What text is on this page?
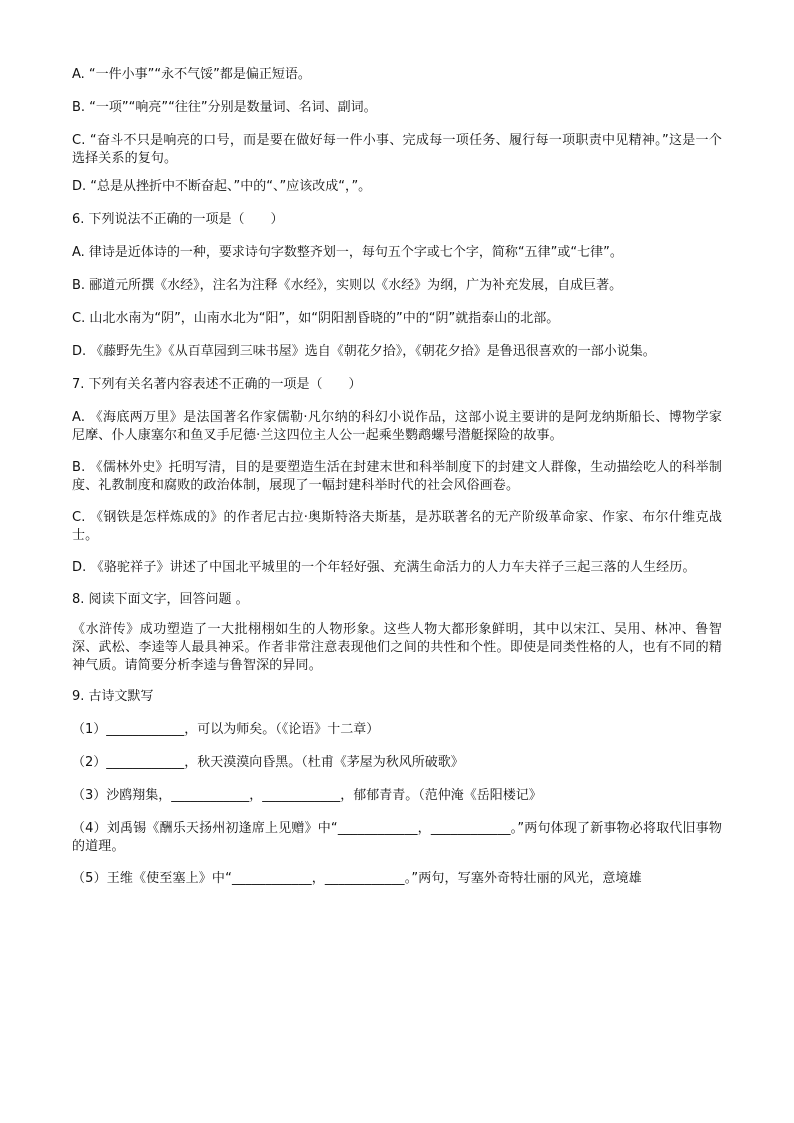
A. “一件小事”“永不气馁”都是偏正短语。

B. “一项”“响亮”“往往”分别是数量词、名词、副词。

C. “奋斗不只是响亮的口号，而是要在做好每一件小事、完成每一项任务、履行每一项职责中见精神。”这是一个选择关系的复句。

D. “总是从挫折中不断奋起、”中的“、”应该改成“，”。

6. 下列说法不正确的一项是（　　）

A. 律诗是近体诗的一种，要求诗句字数整齐划一，每句五个字或七个字，简称“五律”或“七律”。

B. 郦道元所撰《水经》，注名为注释《水经》，实则以《水经》为纲，广为补充发展，自成巨著。

C. 山北水南为“阴”，山南水北为“阳”，如“阴阳割昏晓的”中的“阴”就指泰山的北部。

D. 《藤野先生》《从百草园到三味书屋》选自《朝花夕拾》，《朝花夕拾》是鲁迅很喜欢的一部小说集。

7. 下列有关名著内容表述不正确的一项是（　　）

A. 《海底两万里》是法国著名作家儒勒·凡尔纳的科幻小说作品，这部小说主要讲的是阿龙纳斯船长、博物学家尼摩、仆人康塞尔和鱼叉手尼德·兰这四位主人公一起乘坐鹦鹉螺号潜艇探险的故事。

B. 《儒林外史》托明写清，目的是要塑造生活在封建末世和科举制度下的封建文人群像，生动描绘吃人的科举制度、礼教制度和腐败的政治体制，展现了一幅封建科举时代的社会风俗画卷。

C. 《钢铁是怎样炼成的》的作者尼古拉·奥斯特洛夫斯基，是苏联著名的无产阶级革命家、作家、布尔什维克战士。

D. 《骆驼祥子》讲述了中国北平城里的一个年轻好强、充满生命活力的人力车夫祥子三起三落的人生经历。

8. 阅读下面文字，回答问题 。

《水浒传》成功塑造了一大批栩栩如生的人物形象。这些人物大都形象鲜明，其中以宋江、吴用、林冲、鲁智深、武松、李逵等人最具神采。作者非常注意表现他们之间的共性和个性。即使是同类性格的人，也有不同的精神气质。请简要分析李逵与鲁智深的异同。

9. 古诗文默写

（1）____________，可以为师矣。（《论语》十二章）

（2）____________，秋天漠漠向昏黑。（杜甫《茅屋为秋风所破歌》

（3）沙鸥翔集，____________，____________，郁郁青青。（范仲淹《岳阳楼记》

（4）刘禹锡《酬乐天扬州初逢席上见赠》中“____________，____________。”两句体现了新事物必将取代旧事物的道理。

（5）王维《使至塞上》中“____________，____________。”两句，写塞外奇特壮丽的风光，意境雄
